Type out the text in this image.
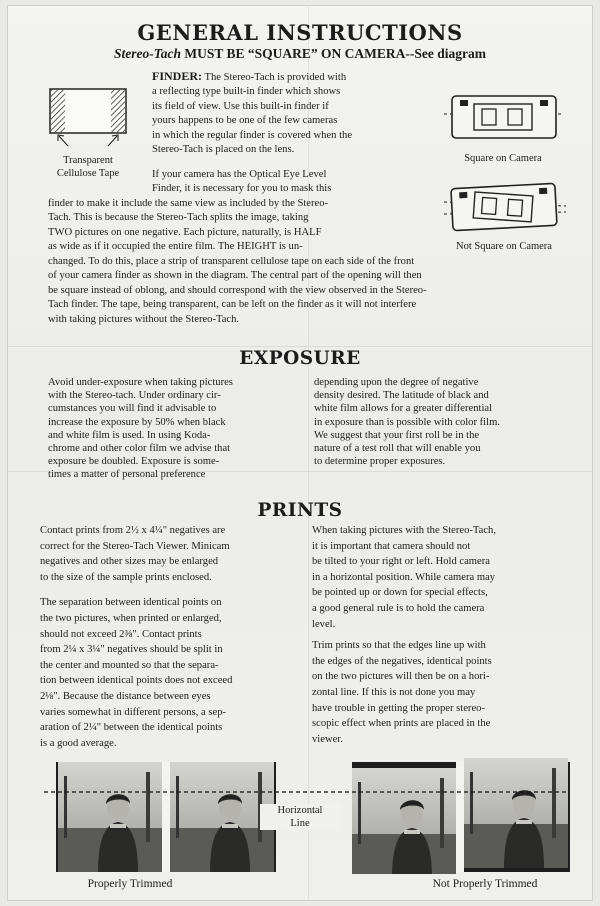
GENERAL INSTRUCTIONS
Stereo-Tach MUST BE “SQUARE” ON CAMERA--See diagram
Transparent
Cellulose Tape
FINDER: The Stereo-Tach is provided with
a reflecting type built-in finder which shows
its field of view. Use this built-in finder if
yours happens to be one of the few cameras
in which the regular finder is covered when the
Stereo-Tach is placed on the lens.
If your camera has the Optical Eye Level
Finder, it is necessary for you to mask this
finder to make it include the same view as included by the Stereo-
Tach. This is because the Stereo-Tach splits the image, taking
TWO pictures on one negative. Each picture, naturally, is HALF
as wide as if it occupied the entire film. The HEIGHT is un-
changed. To do this, place a strip of transparent cellulose tape on each side of the front
of your camera finder as shown in the diagram. The central part of the opening will then
be square instead of oblong, and should correspond with the view observed in the Stereo-
Tach finder. The tape, being transparent, can be left on the finder as it will not interfere
with taking pictures without the Stereo-Tach.
Square on Camera
Not Square on Camera
EXPOSURE
Avoid under-exposure when taking pictures
with the Stereo-tach. Under ordinary cir-
cumstances you will find it advisable to
increase the exposure by 50% when black
and white film is used. In using Koda-
chrome and other color film we advise that
exposure be doubled. Exposure is some-
times a matter of personal preference
depending upon the degree of negative
density desired. The latitude of black and
white film allows for a greater differential
in exposure than is possible with color film.
We suggest that your first roll be in the
nature of a test roll that will enable you
to determine proper exposures.
PRINTS
Contact prints from 2½ x 4¼" negatives are
correct for the Stereo-Tach Viewer. Minicam
negatives and other sizes may be enlarged
to the size of the sample prints enclosed.
The separation between identical points on
the two pictures, when printed or enlarged,
should not exceed 2⅜". Contact prints
from 2¼ x 3¼" negatives should be split in
the center and mounted so that the separa-
tion between identical points does not exceed
2⅛". Because the distance between eyes
varies somewhat in different persons, a sep-
aration of 2¼" between the identical points
is a good average.
When taking pictures with the Stereo-Tach,
it is important that camera should not
be tilted to your right or left. Hold camera
in a horizontal position. While camera may
be pointed up or down for special effects,
a good general rule is to hold the camera
level.
Trim prints so that the edges line up with
the edges of the negatives, identical points
on the two pictures will then be on a hori-
zontal line. If this is not done you may
have trouble in getting the proper stereo-
scopic effect when prints are placed in the
viewer.
Horizontal
Line
Properly Trimmed	Not Properly Trimmed
